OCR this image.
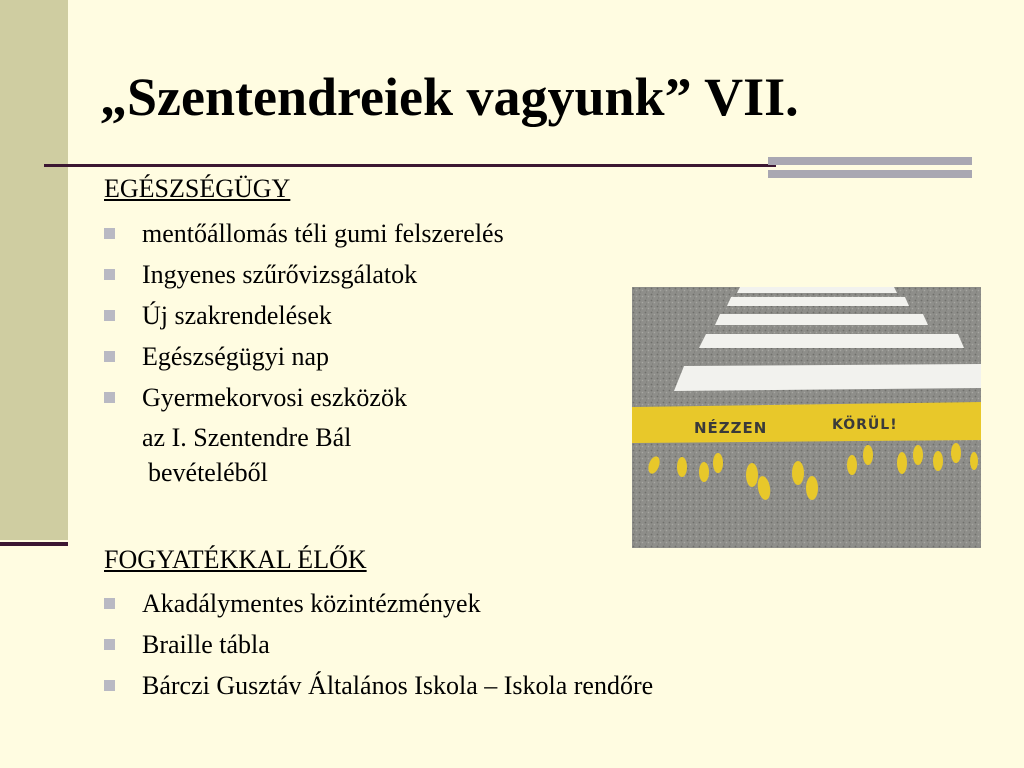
„Szentendreiek vagyunk” VII.
EGÉSZSÉGÜGY
mentőállomás téli gumi felszerelés
Ingyenes szűrővizsgálatok
Új szakrendelések
Egészségügyi nap
Gyermekorvosi eszközök
az I. Szentendre Bál
bevételéből
FOGYATÉKKAL ÉLŐK
Akadálymentes közintézmények
Braille tábla
Bárczi Gusztáv Általános Iskola – Iskola rendőre
NÉZZEN	KÖRÜL!
